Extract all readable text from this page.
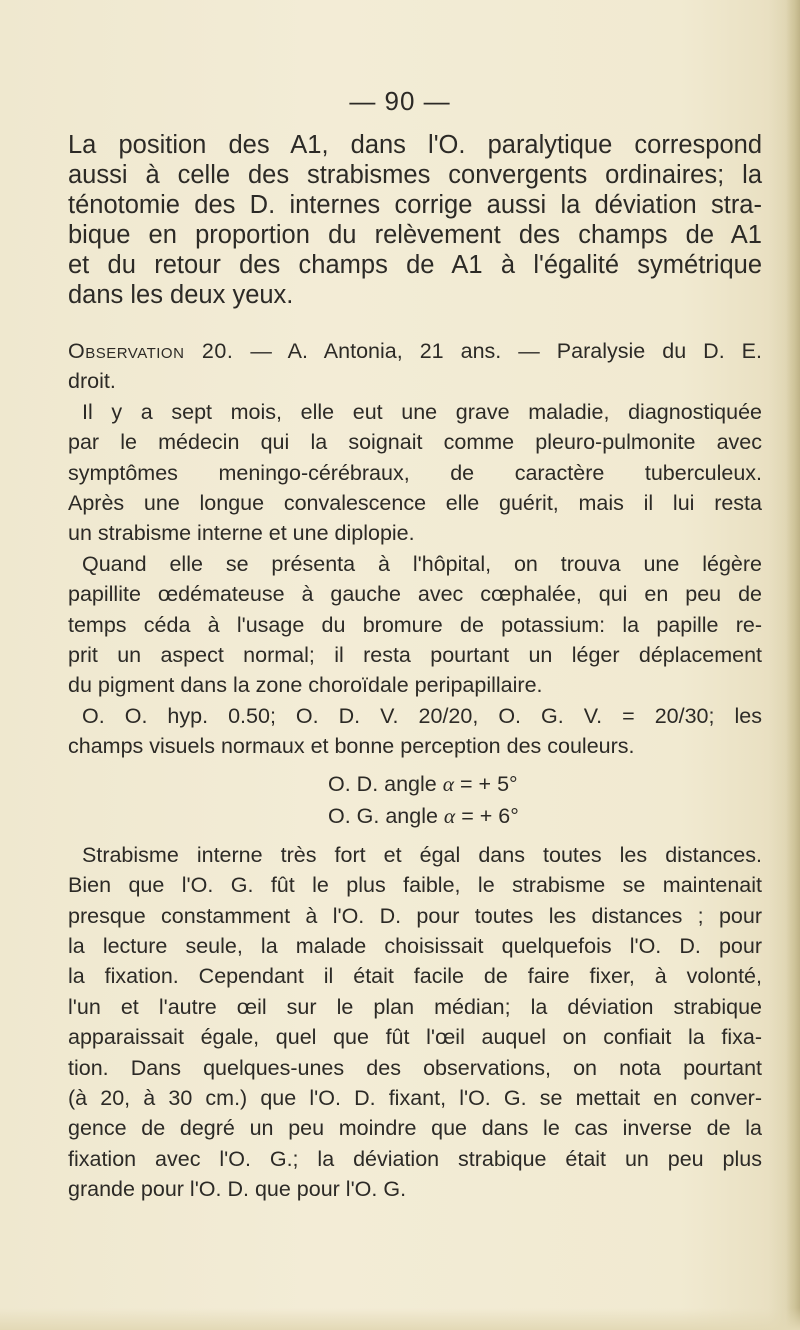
— 90 —

La position des A1, dans l'O. paralytique correspond
aussi à celle des strabismes convergents ordinaires; la
ténotomie des D. internes corrige aussi la déviation stra-
bique en proportion du relèvement des champs de A1
et du retour des champs de A1 à l'égalité symétrique
dans les deux yeux.

Observation 20. — A. Antonia, 21 ans. — Paralysie du D. E.
droit.

Il y a sept mois, elle eut une grave maladie, diagnostiquée
par le médecin qui la soignait comme pleuro-pulmonite avec
symptômes meningo-cérébraux, de caractère tuberculeux.
Après une longue convalescence elle guérit, mais il lui resta
un strabisme interne et une diplopie.

Quand elle se présenta à l'hôpital, on trouva une légère
papillite œdémateuse à gauche avec cœphalée, qui en peu de
temps céda à l'usage du bromure de potassium: la papille re-
prit un aspect normal; il resta pourtant un léger déplacement
du pigment dans la zone choroïdale peripapillaire.

O. O. hyp. 0.50; O. D. V. 20/20, O. G. V. = 20/30; les
champs visuels normaux et bonne perception des couleurs.

O. D. angle α = + 5°
O. G. angle α = + 6°

Strabisme interne très fort et égal dans toutes les distances.
Bien que l'O. G. fût le plus faible, le strabisme se maintenait
presque constamment à l'O. D. pour toutes les distances ; pour
la lecture seule, la malade choisissait quelquefois l'O. D. pour
la fixation. Cependant il était facile de faire fixer, à volonté,
l'un et l'autre œil sur le plan médian; la déviation strabique
apparaissait égale, quel que fût l'œil auquel on confiait la fixa-
tion. Dans quelques-unes des observations, on nota pourtant
(à 20, à 30 cm.) que l'O. D. fixant, l'O. G. se mettait en conver-
gence de degré un peu moindre que dans le cas inverse de la
fixation avec l'O. G.; la déviation strabique était un peu plus
grande pour l'O. D. que pour l'O. G.
